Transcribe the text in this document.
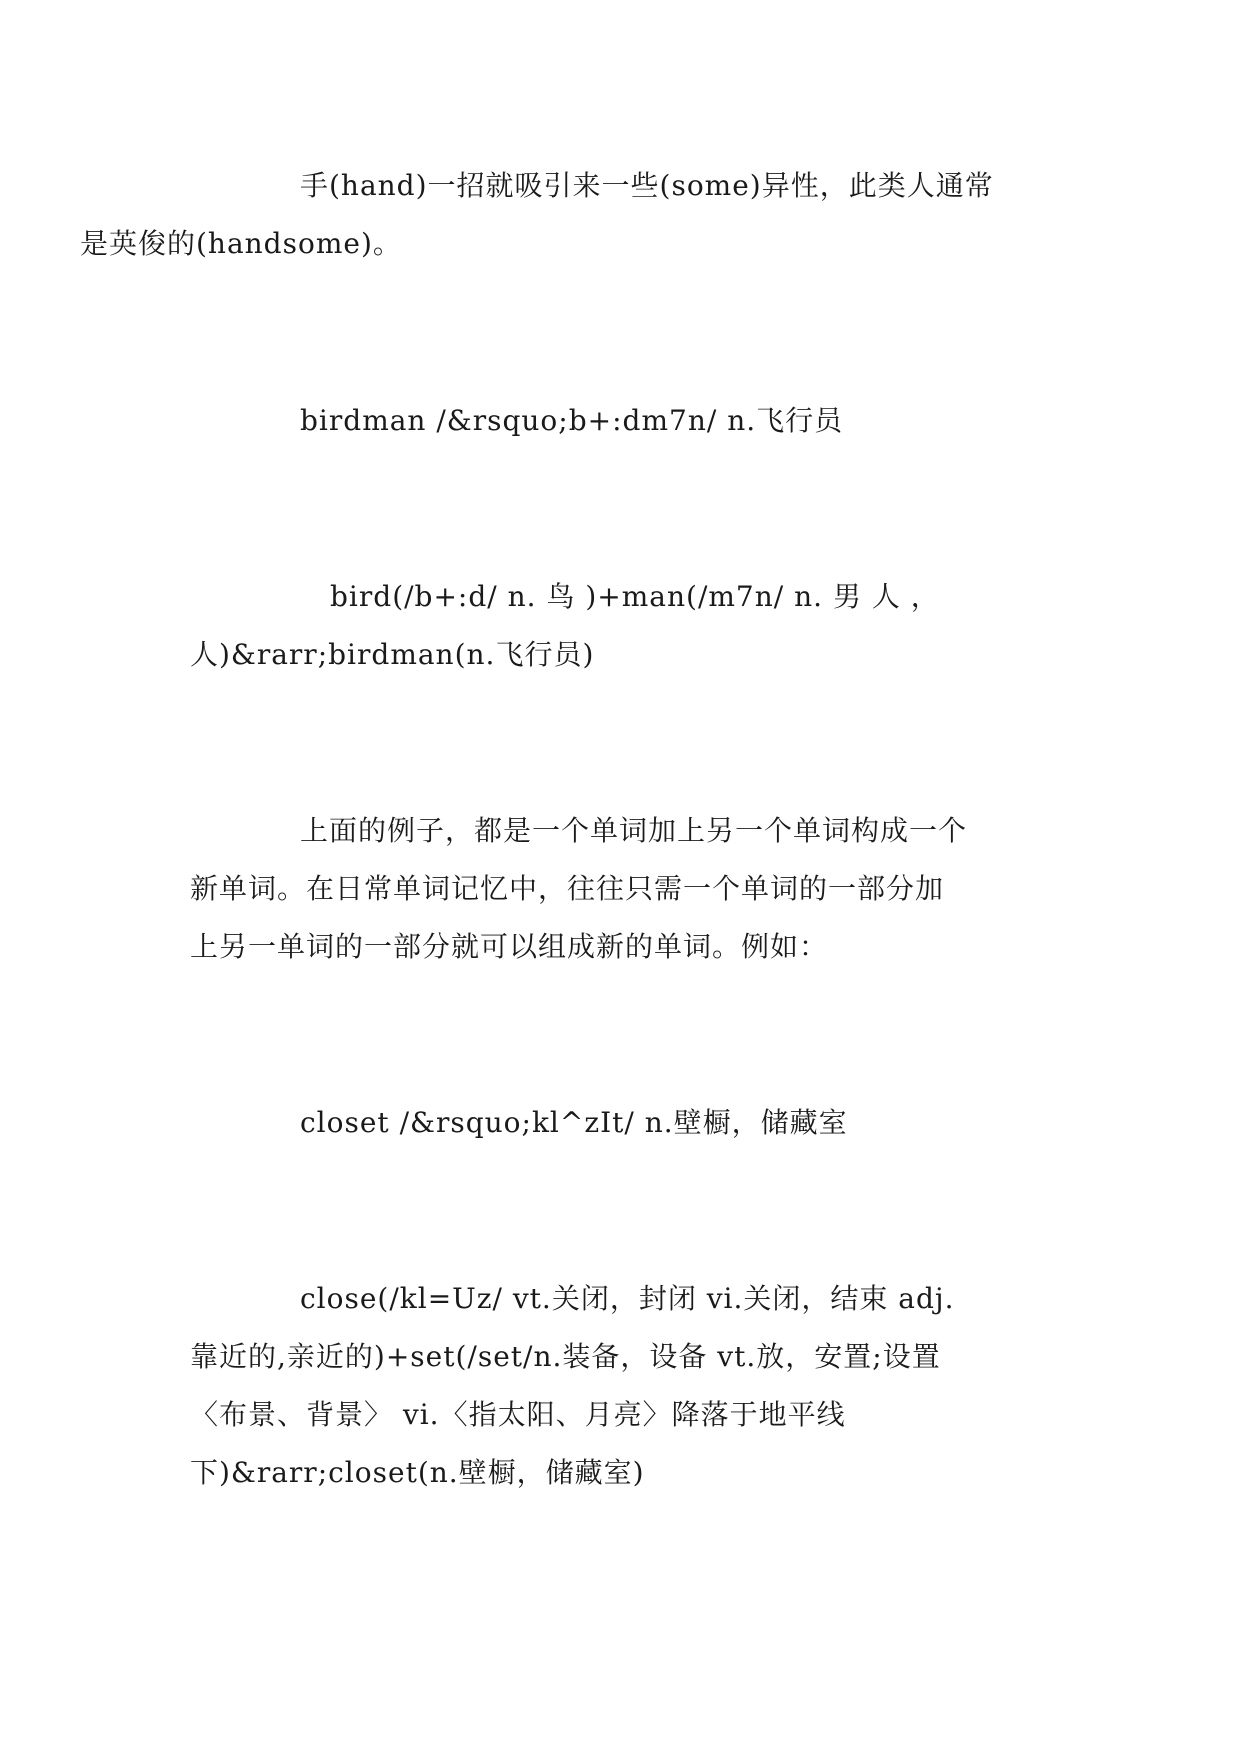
手(hand)一招就吸引来一些(some)异性，此类人通常
是英俊的(handsome)。

birdman /&rsquo;b+:dm7n/ n.飞行员

bird(/b+:d/ n. 鸟 )+man(/m7n/ n. 男 人 ，
人)&rarr;birdman(n.飞行员)

上面的例子，都是一个单词加上另一个单词构成一个
新单词。在日常单词记忆中，往往只需一个单词的一部分加
上另一单词的一部分就可以组成新的单词。例如：

closet /&rsquo;kl^zIt/ n.壁橱，储藏室

close(/kl=Uz/ vt.关闭，封闭 vi.关闭，结束 adj.
靠近的,亲近的)+set(/set/n.装备，设备 vt.放，安置;设置
〈布景、背景〉 vi.〈指太阳、月亮〉降落于地平线
下)&rarr;closet(n.壁橱，储藏室)
